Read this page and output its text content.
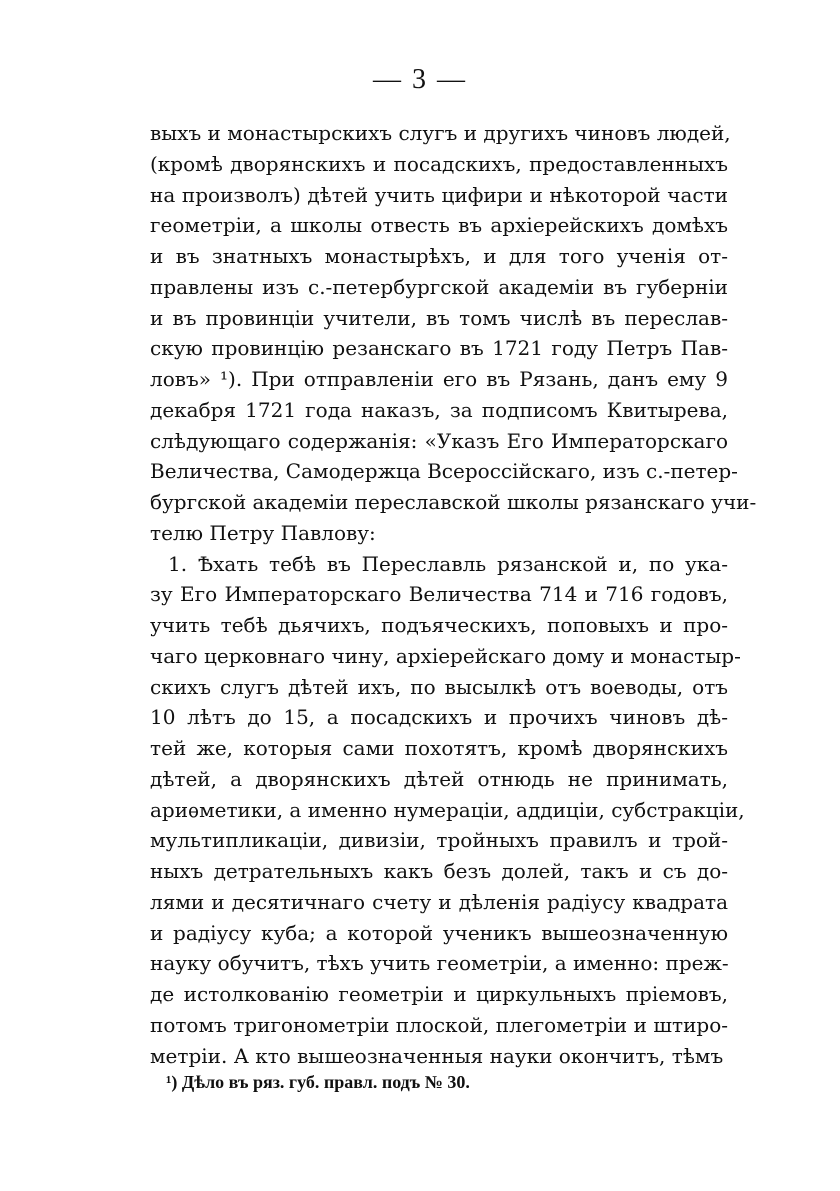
— 3 —
выхъ и монастырскихъ слугъ и другихъ чиновъ людей,
(кромѣ дворянскихъ и посадскихъ, предоставленныхъ
на произволъ) дѣтей учить цифири и нѣкоторой части
геометріи, а школы отвесть въ архіерейскихъ домѣхъ
и въ знатныхъ монастырѣхъ, и для того ученія от-
правлены изъ с.-петербургской академіи въ губерніи
и въ провинціи учители, въ томъ числѣ въ переслав-
скую провинцію резанскаго въ 1721 году Петръ Пав-
ловъ» ¹). При отправленіи его въ Рязань, данъ ему 9
декабря 1721 года наказъ, за подписомъ Квитырева,
слѣдующаго содержанія: «Указъ Его Императорскаго
Величества, Самодержца Всероссійскаго, изъ с.-петер-
бургской академіи переславской школы рязанскаго учи-
телю Петру Павлову:
1. Ѣхать тебѣ въ Переславль рязанской и, по ука-
зу Его Императорскаго Величества 714 и 716 годовъ,
учить тебѣ дьячихъ, подъяческихъ, поповыхъ и про-
чаго церковнаго чину, архіерейскаго дому и монастыр-
скихъ слугъ дѣтей ихъ, по высылкѣ отъ воеводы, отъ
10 лѣтъ до 15, а посадскихъ и прочихъ чиновъ дѣ-
тей же, которыя сами похотятъ, кромѣ дворянскихъ
дѣтей, а дворянскихъ дѣтей отнюдь не принимать,
ариѳметики, а именно нумераціи, аддиціи, субстракціи,
мультипликаціи, дивизіи, тройныхъ правилъ и трой-
ныхъ детрательныхъ какъ безъ долей, такъ и съ до-
лями и десятичнаго счету и дѣленія радіусу квадрата
и радіусу куба; а которой ученикъ вышеозначенную
науку обучитъ, тѣхъ учить геометріи, а именно: преж-
де истолкованію геометріи и циркульныхъ пріемовъ,
потомъ тригонометріи плоской, плегометріи и штиро-
метріи. А кто вышеозначенныя науки окончитъ, тѣмъ
¹) Дѣло въ ряз. губ. правл. подъ № 30.
